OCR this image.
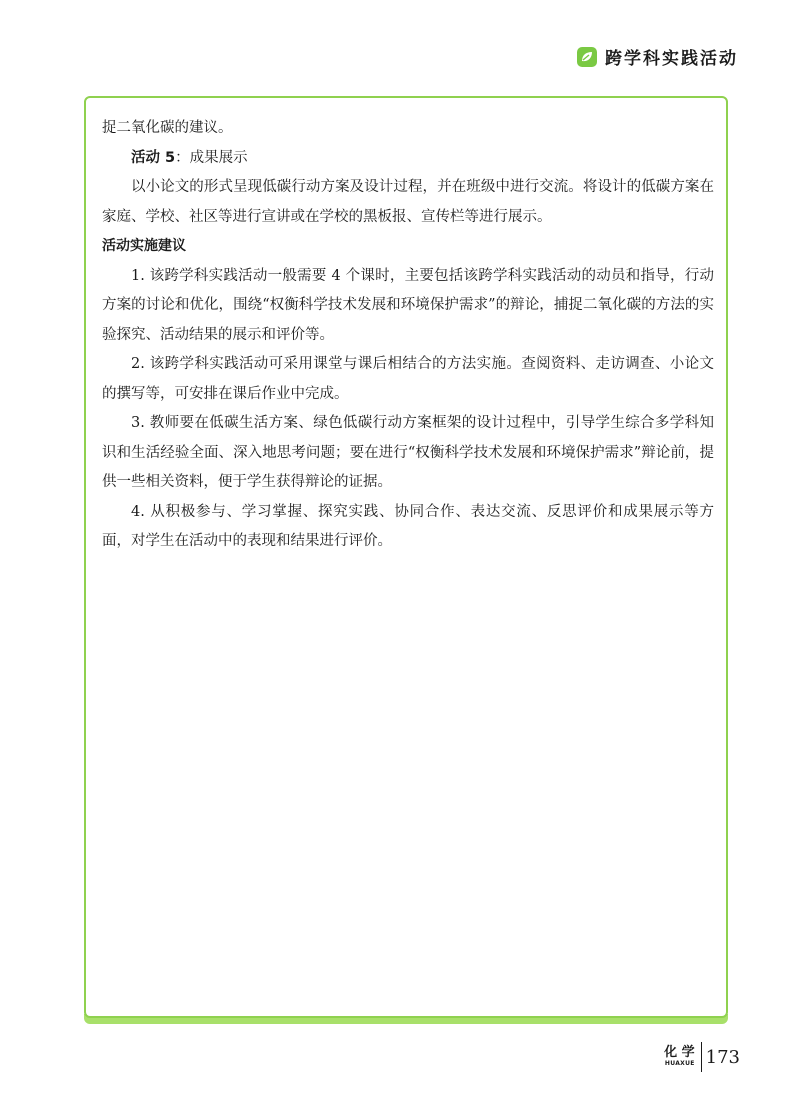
跨学科实践活动

捉二氧化碳的建议。

活动 5：成果展示

以小论文的形式呈现低碳行动方案及设计过程，并在班级中进行交流。将设计的低碳方案在家庭、学校、社区等进行宣讲或在学校的黑板报、宣传栏等进行展示。

活动实施建议

1. 该跨学科实践活动一般需要 4 个课时，主要包括该跨学科实践活动的动员和指导，行动方案的讨论和优化，围绕“权衡科学技术发展和环境保护需求”的辩论，捕捉二氧化碳的方法的实验探究、活动结果的展示和评价等。

2. 该跨学科实践活动可采用课堂与课后相结合的方法实施。查阅资料、走访调查、小论文的撰写等，可安排在课后作业中完成。

3. 教师要在低碳生活方案、绿色低碳行动方案框架的设计过程中，引导学生综合多学科知识和生活经验全面、深入地思考问题；要在进行“权衡科学技术发展和环境保护需求”辩论前，提供一些相关资料，便于学生获得辩论的证据。

4. 从积极参与、学习掌握、探究实践、协同合作、表达交流、反思评价和成果展示等方面，对学生在活动中的表现和结果进行评价。

化 学
HUAXUE 173
